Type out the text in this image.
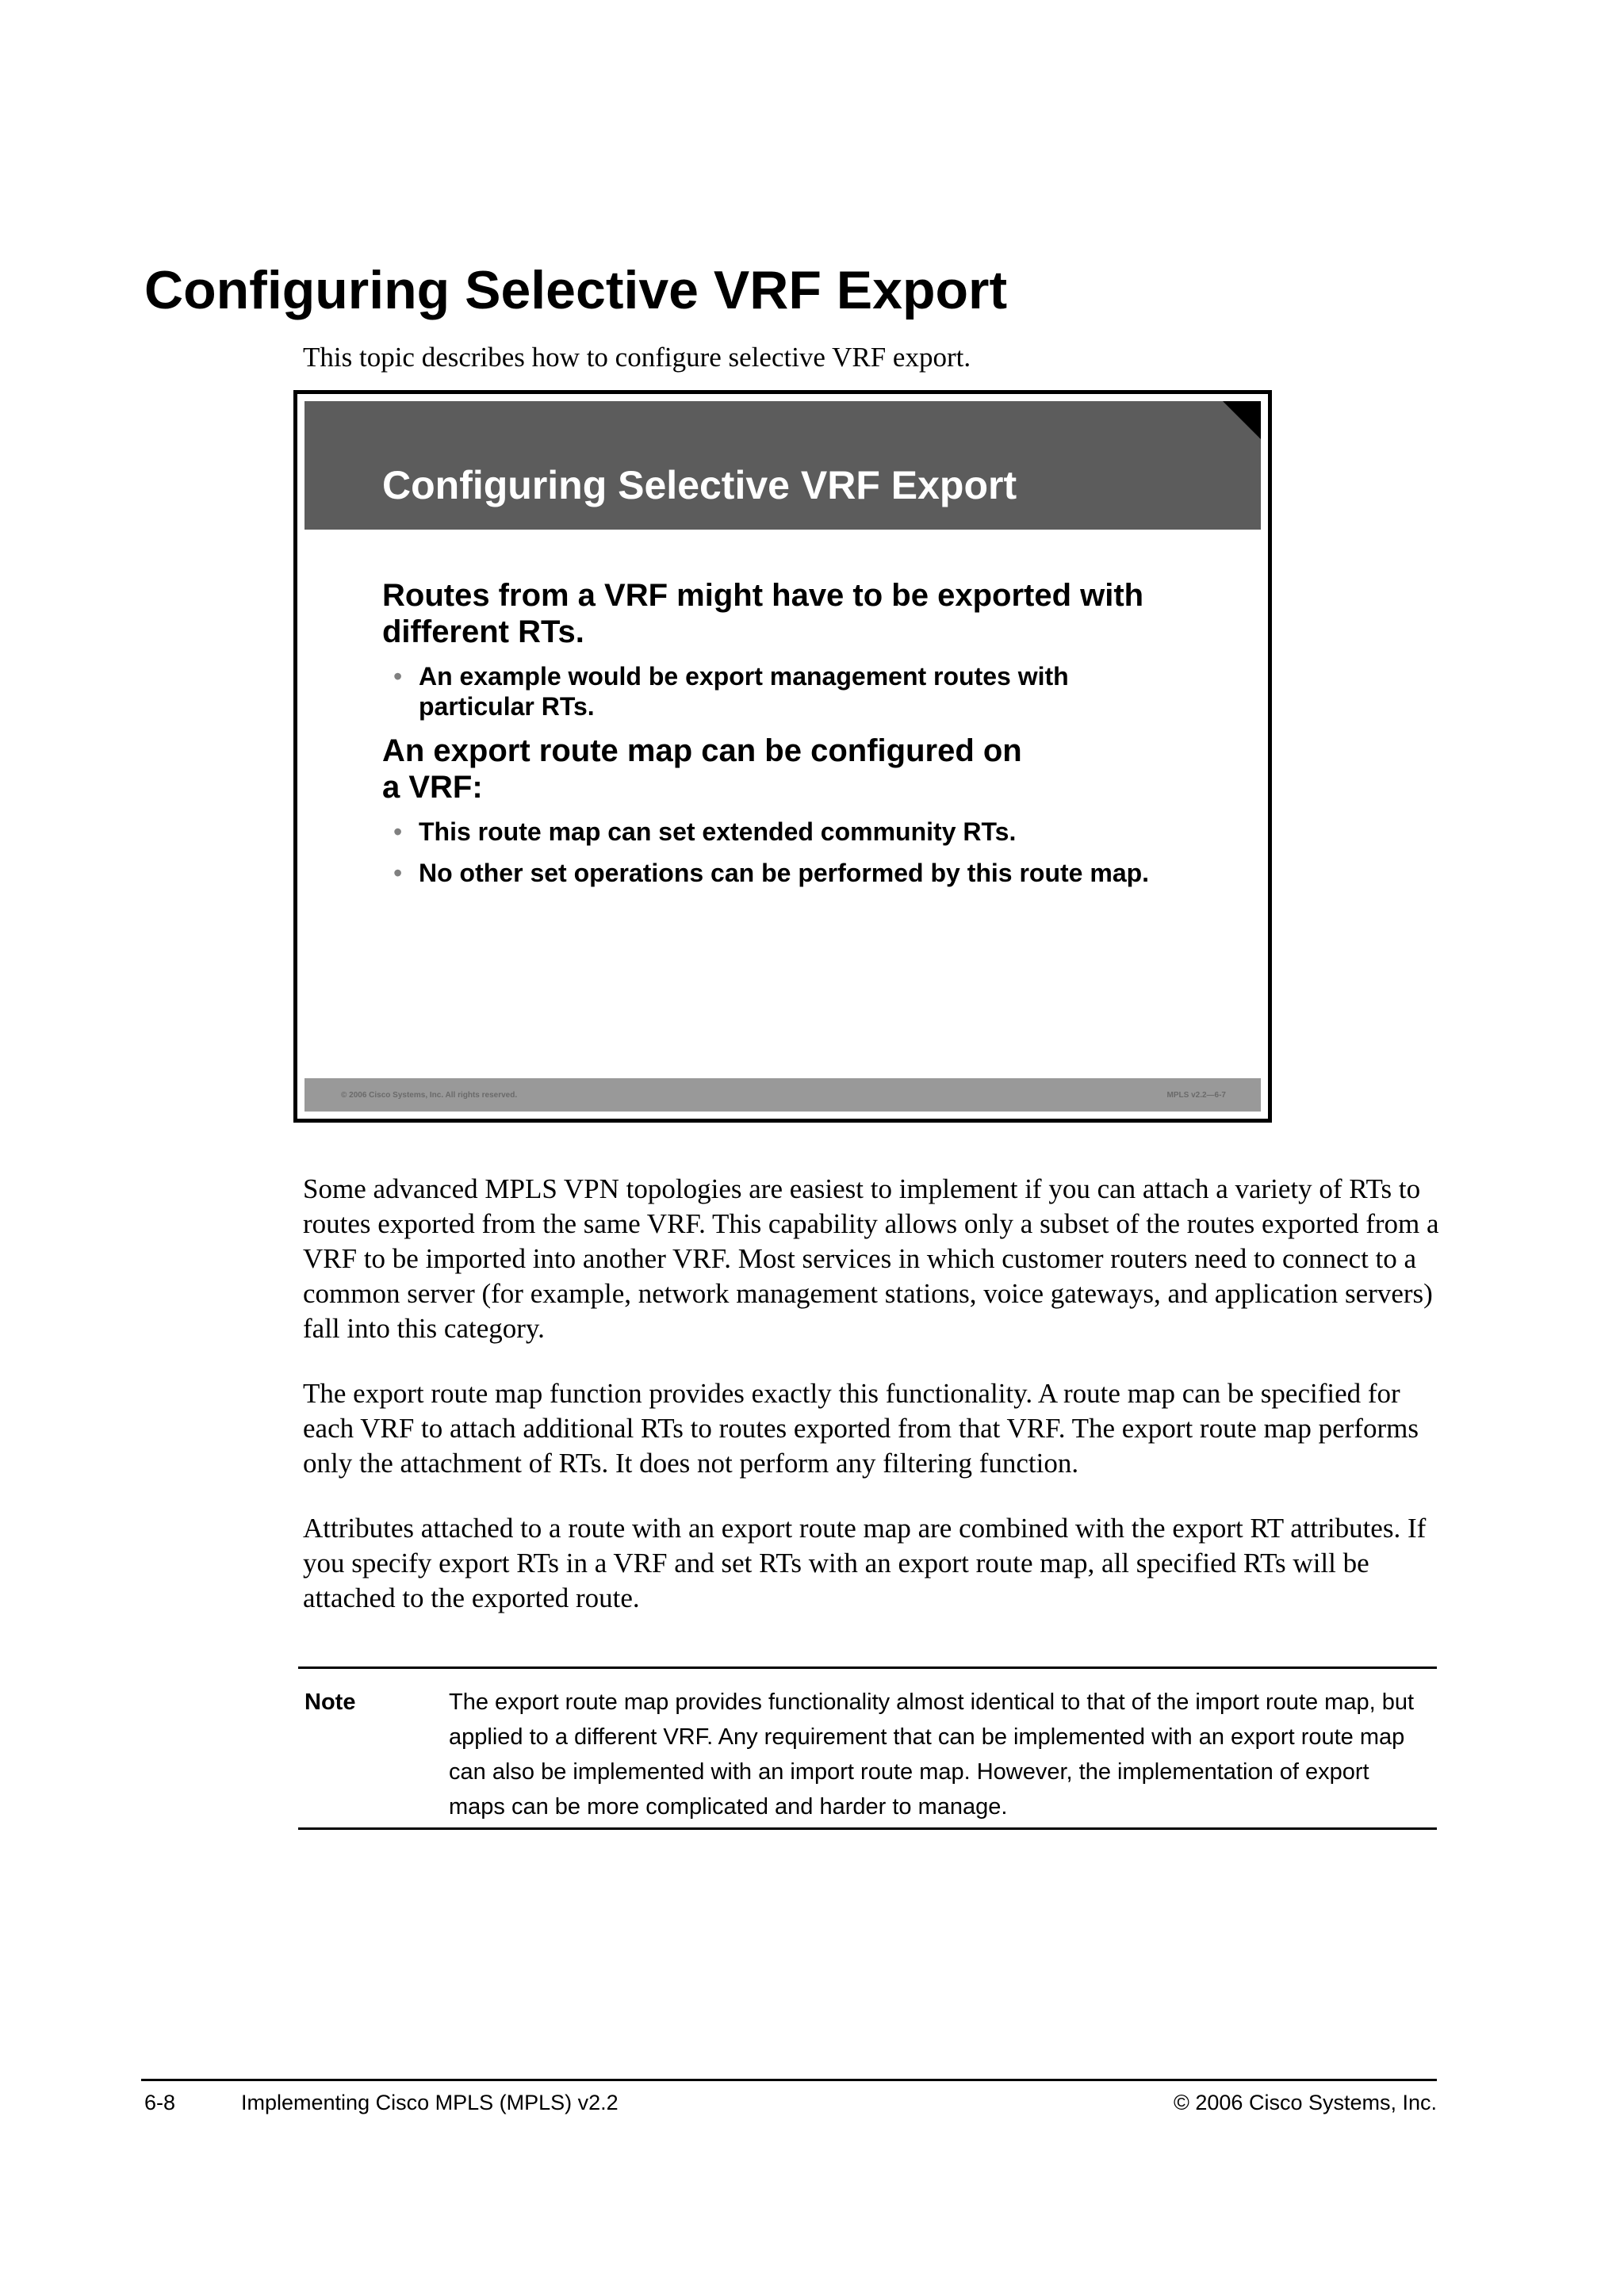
Configuring Selective VRF Export
This topic describes how to configure selective VRF export.
Configuring Selective VRF Export
Routes from a VRF might have to be exported with different RTs.
• An example would be export management routes with particular RTs.
An export route map can be configured on a VRF:
• This route map can set extended community RTs.
• No other set operations can be performed by this route map.
© 2006 Cisco Systems, Inc. All rights reserved.	MPLS v2.2—6-7

Some advanced MPLS VPN topologies are easiest to implement if you can attach a variety of RTs to routes exported from the same VRF. This capability allows only a subset of the routes exported from a VRF to be imported into another VRF. Most services in which customer routers need to connect to a common server (for example, network management stations, voice gateways, and application servers) fall into this category.

The export route map function provides exactly this functionality. A route map can be specified for each VRF to attach additional RTs to routes exported from that VRF. The export route map performs only the attachment of RTs. It does not perform any filtering function.

Attributes attached to a route with an export route map are combined with the export RT attributes. If you specify export RTs in a VRF and set RTs with an export route map, all specified RTs will be attached to the exported route.

Note	The export route map provides functionality almost identical to that of the import route map, but applied to a different VRF. Any requirement that can be implemented with an export route map can also be implemented with an import route map. However, the implementation of export maps can be more complicated and harder to manage.
6-8	Implementing Cisco MPLS (MPLS) v2.2	© 2006 Cisco Systems, Inc.
